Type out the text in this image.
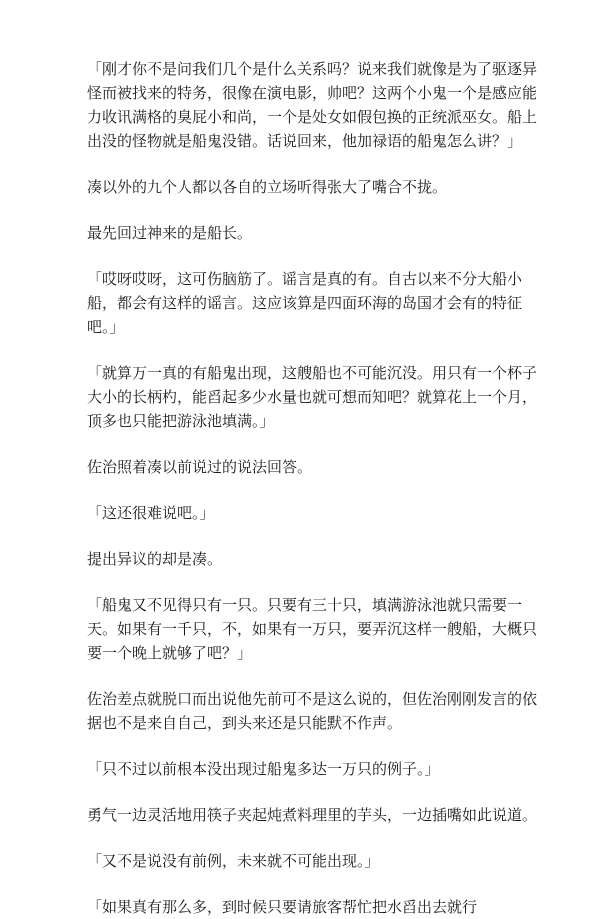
「刚才你不是问我们几个是什么关系吗？说来我们就像是为了驱逐异怪而被找来的特务，很像在演电影，帅吧？这两个小鬼一个是感应能力收讯满格的臭屁小和尚，一个是处女如假包换的正统派巫女。船上出没的怪物就是船鬼没错。话说回来，他加禄语的船鬼怎么讲？」

凑以外的九个人都以各自的立场听得张大了嘴合不拢。

最先回过神来的是船长。

「哎呀哎呀，这可伤脑筋了。谣言是真的有。自古以来不分大船小船，都会有这样的谣言。这应该算是四面环海的岛国才会有的特征吧。」

「就算万一真的有船鬼出现，这艘船也不可能沉没。用只有一个杯子大小的长柄杓，能舀起多少水量也就可想而知吧？就算花上一个月，顶多也只能把游泳池填满。」

佐治照着凑以前说过的说法回答。

「这还很难说吧。」

提出异议的却是凑。

「船鬼又不见得只有一只。只要有三十只，填满游泳池就只需要一天。如果有一千只，不，如果有一万只，要弄沉这样一艘船，大概只要一个晚上就够了吧？」

佐治差点就脱口而出说他先前可不是这么说的，但佐治刚刚发言的依据也不是来自自己，到头来还是只能默不作声。

「只不过以前根本没出现过船鬼多达一万只的例子。」

勇气一边灵活地用筷子夹起炖煮料理里的芋头，一边插嘴如此说道。

「又不是说没有前例，未来就不可能出现。」

「如果真有那么多，到时候只要请旅客帮忙把水舀出去就行
